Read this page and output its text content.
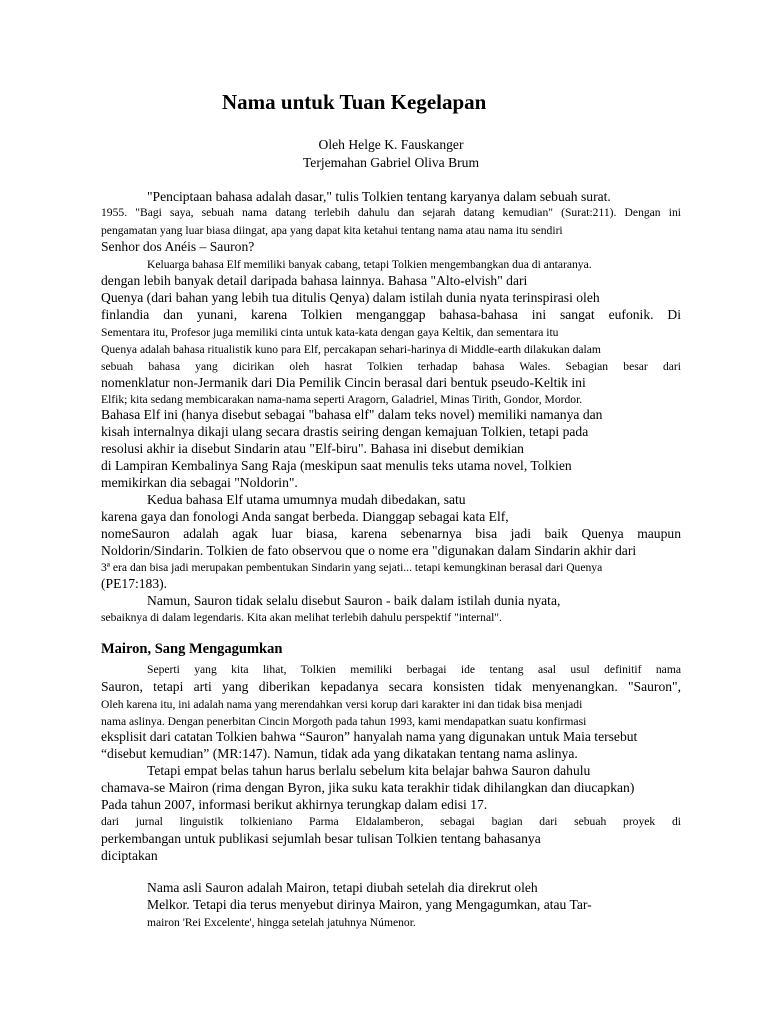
Nama untuk Tuan Kegelapan
Oleh Helge K. Fauskanger
Terjemahan Gabriel Oliva Brum
"Penciptaan bahasa adalah dasar," tulis Tolkien tentang karyanya dalam sebuah surat.
1955. "Bagi saya, sebuah nama datang terlebih dahulu dan sejarah datang kemudian" (Surat:211). Dengan ini
pengamatan yang luar biasa diingat, apa yang dapat kita ketahui tentang nama atau nama itu sendiri
Senhor dos Anéis – Sauron?
Keluarga bahasa Elf memiliki banyak cabang, tetapi Tolkien mengembangkan dua di antaranya.
dengan lebih banyak detail daripada bahasa lainnya. Bahasa "Alto-elvish" dari
Quenya (dari bahan yang lebih tua ditulis Qenya) dalam istilah dunia nyata terinspirasi oleh
finlandia dan yunani, karena Tolkien menganggap bahasa-bahasa ini sangat eufonik. Di
Sementara itu, Profesor juga memiliki cinta untuk kata-kata dengan gaya Keltik, dan sementara itu
Quenya adalah bahasa ritualistik kuno para Elf, percakapan sehari-harinya di Middle-earth dilakukan dalam
sebuah bahasa yang dicirikan oleh hasrat Tolkien terhadap bahasa Wales. Sebagian besar dari
nomenklatur non-Jermanik dari Dia Pemilik Cincin berasal dari bentuk pseudo-Keltik ini
Elfik; kita sedang membicarakan nama-nama seperti Aragorn, Galadriel, Minas Tirith, Gondor, Mordor.
Bahasa Elf ini (hanya disebut sebagai "bahasa elf" dalam teks novel) memiliki namanya dan
kisah internalnya dikaji ulang secara drastis seiring dengan kemajuan Tolkien, tetapi pada
resolusi akhir ia disebut Sindarin atau "Elf-biru". Bahasa ini disebut demikian
di Lampiran Kembalinya Sang Raja (meskipun saat menulis teks utama novel, Tolkien
memikirkan dia sebagai "Noldorin".
Kedua bahasa Elf utama umumnya mudah dibedakan, satu
karena gaya dan fonologi Anda sangat berbeda. Dianggap sebagai kata Elf,
nomeSauron adalah agak luar biasa, karena sebenarnya bisa jadi baik Quenya maupun
Noldorin/Sindarin. Tolkien de fato observou que o nome era "digunakan dalam Sindarin akhir dari
3ª era dan bisa jadi merupakan pembentukan Sindarin yang sejati... tetapi kemungkinan berasal dari Quenya
(PE17:183).
Namun, Sauron tidak selalu disebut Sauron - baik dalam istilah dunia nyata,
sebaiknya di dalam legendaris. Kita akan melihat terlebih dahulu perspektif "internal".
Mairon, Sang Mengagumkan
Seperti yang kita lihat, Tolkien memiliki berbagai ide tentang asal usul definitif nama
Sauron, tetapi arti yang diberikan kepadanya secara konsisten tidak menyenangkan. "Sauron",
Oleh karena itu, ini adalah nama yang merendahkan versi korup dari karakter ini dan tidak bisa menjadi
nama aslinya. Dengan penerbitan Cincin Morgoth pada tahun 1993, kami mendapatkan suatu konfirmasi
eksplisit dari catatan Tolkien bahwa “Sauron” hanyalah nama yang digunakan untuk Maia tersebut
“disebut kemudian” (MR:147). Namun, tidak ada yang dikatakan tentang nama aslinya.
Tetapi empat belas tahun harus berlalu sebelum kita belajar bahwa Sauron dahulu
chamava-se Mairon (rima dengan Byron, jika suku kata terakhir tidak dihilangkan dan diucapkan)
Pada tahun 2007, informasi berikut akhirnya terungkap dalam edisi 17.
dari jurnal linguistik tolkieniano Parma Eldalamberon, sebagai bagian dari sebuah proyek di
perkembangan untuk publikasi sejumlah besar tulisan Tolkien tentang bahasanya
diciptakan
Nama asli Sauron adalah Mairon, tetapi diubah setelah dia direkrut oleh
Melkor. Tetapi dia terus menyebut dirinya Mairon, yang Mengagumkan, atau Tar-
mairon 'Rei Excelente', hingga setelah jatuhnya Númenor.
